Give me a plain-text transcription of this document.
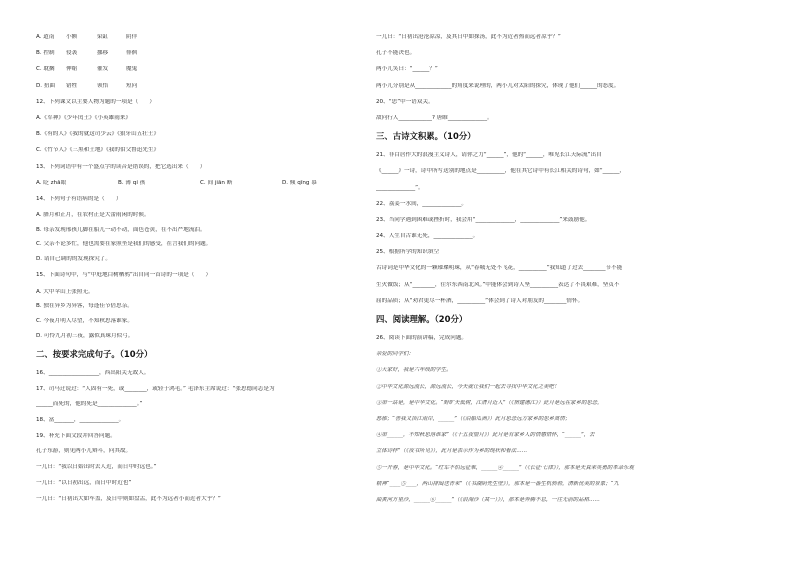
A. 道南 小额	染缸	阴佯
B. 控制 侵袭	挪移	徘徊
C. 耽搁 伸缩	催发	魔鬼
D. 扭曲 错牲	领悟	短问
12、下列课文以主要人物为题的一项是（　　）
A.《军神》《少年闰土》《小英雄雨来》
B.《有的人》《我的就这司少云》《狼牙山五壮士》
C.《竹节人》《三黑和土地》《我的伯父鲁迅先生》
13、下列词语中有一个盛点字的读音是错误的，把它选出来（　　）
A. 眨 zhǎ眼	B. 薄 qí 孩	C. 间 jiān 断	D. 倾 qīng 慕
14、下列句子有语病的是（　　）
A. 腊月和正月，在农村正是大蕾雨闲的时候。
B. 母亲发现邢孩儿脚在船儿一动不动，面色苍黄，在不出严地流泪。
C. 父亲不论多忙，他也需要在家照坐是我们的感受，在言我们的问题。
D. 请自己调的的发现探究了。
15、下面诗句中，与“中庭地白树栖鸦”出自同一首诗的一项是（　　）
A. 大中苹山上张照无。
B. 独在异乡为异客，每逢佳节倍思亲。
C. 今夜月明人尽望，不知秋思落谁家。
D. 可怜九月初三夜，露似真珠月似弓。
二、按要求完成句子。（10分）
16、__________________，西出阳关无故人。
17、司马迁说过：“人固有一死，或________，或轻于鸿毛。” 毛泽东主席说过：“张思德同志是为
______而死的，他的死是______________。”
18、富_______，______________。
19、补充下面文段并回答问题。
孔子东游，则见两小儿辩斗，问其故。
一儿曰：“我以日始出时去人近，而日中时远也。”
一儿曰：“以日初出远，而日中时近也”
一儿曰：“日初出大如车盖，及日中则如盘盂，此不为远者小而近者大乎？”
一儿曰：“日初出沧沧凉凉，及其日中如探汤，此不为近者热而远者凉乎？”
孔子不能决也。
两小儿笑曰：“______？”
两小儿分别是从_____________的角度来说理的，两小儿对太阳的探究，体现了他们______的态度。
20、“思”中一语双关。
敌问行人____________? 唐睢______________。
三、古诗文积累。（10分）
21、非白居作大的浪漫主义诗人，请你之力“______”，他的“______，唯见长江天际流”出自
《______》一诗，诗中所写送别的地点是__________，他在其它诗中有长江相关的诗句，如“______，
______________”。
22、荔姜一水间，______________。
23、当同学遇到困难或挫折时，我会用“______________，______________”来鼓励他。
24、人生自古谁无死，______________。
25、根据所学的知识填空
古诗词是中华文化的一颗璀璨明珠，从“春城无处不飞花，__________”我知道了过去________节不能
生火做饭；从“________，往尔东西南北风。”中能体会到诗人坚__________表达了不畏艰难，坚贞不
屈的品质；从“劝君更尽一杯酒，__________”体会到了诗人对朋友的________情怀。
四、阅读理解。（20分）
26、阅读下面的演讲稿，完成问题。
亲爱的同学们：
①大家好，我是六年级的学生。
②中华文化源远流长，源远流长，今天就让我们一起去寻找中华文化之美吧！
③第一站是，是中华文化。“野旷天低树，江清月近人”（《宿建德江》）此月是远在家乡的思念，
愁郁；“善我又顶江南岸，______”（《泊船瓜洲》）此月思念远方家乡的思乡离情；
④第______，不知秋思落谁家”（《十五夜望月》）此月是有家乡人的情感情怀，“______”，去
立体诗样”（《夜书所见》），此月是表示作为乡的现状和看法……
⑤一开春，是中华文化。“红军不怕远征难，______④______”（《长征·七律》），那本是天真来英勇的革命乐观
精神“____⑤____，两山排闼送青来”（《书湖阴先生壁》），那本是一番生机勃勃，清新优美的景象；“九
曲黄河万里沙，______⑥______”（《浪淘沙（其一）》），那本是奔腾不息，一往无前的品格……
